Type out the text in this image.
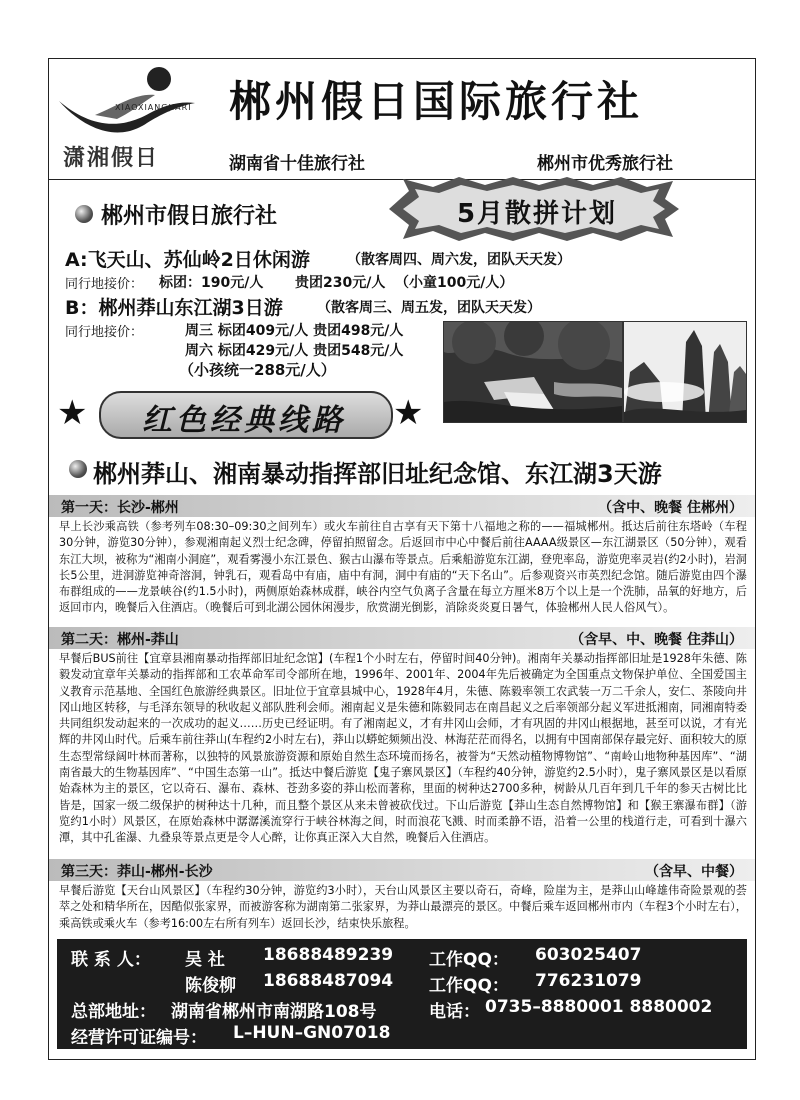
XIAOXIANGJIARI
潇湘假日
郴州假日国际旅行社
湖南省十佳旅行社	郴州市优秀旅行社
郴州市假日旅行社	5月散拼计划
A:飞天山、苏仙岭2日休闲游	（散客周四、周六发，团队天天发）
同行地接价： 标团：190元/人 贵团230元/人 （小童100元/人）
B：郴州莽山东江湖3日游 （散客周三、周五发，团队天天发）
同行地接价：	周三 标团409元/人 贵团498元/人
周六 标团429元/人 贵团548元/人
（小孩统一288元/人）
★	红色经典线路	★
郴州莽山、湘南暴动指挥部旧址纪念馆、东江湖3天游
第一天：长沙-郴州	（含中、晚餐 住郴州）
早上长沙乘高铁（参考列车08:30–09:30之间列车）或火车前往自古享有天下第十八福地之称的——福城郴州。抵达后前往东塔岭（车程30分钟，游览30分钟），参观湘南起义烈士纪念碑，停留拍照留念。后返回市中心中餐后前往AAAA级景区—东江湖景区（50分钟），观看东江大坝，被称为“湘南小洞庭”，观看雾漫小东江景色、猴古山瀑布等景点。后乘船游览东江湖，登兜率岛，游览兜率灵岩(约2小时)，岩洞长5公里，进洞游览神奇溶洞，钟乳石，观看岛中有庙，庙中有洞，洞中有庙的“天下名山”。后参观资兴市英烈纪念馆。随后游览由四个瀑布群组成的——龙景峡谷(约1.5小时)，两侧原始森林成群，峡谷内空气负离子含量在每立方厘米8万个以上是一个洗肺，品氧的好地方，后返回市内，晚餐后入住酒店。（晚餐后可到北湖公园休闲漫步，欣赏湖光倒影，消除炎炎夏日暑气，体验郴州人民人俗风气）。
第二天：郴州-莽山	（含早、中、晚餐 住莽山）
早餐后BUS前往【宜章县湘南暴动指挥部旧址纪念馆】(车程1个小时左右，停留时间40分钟)。湘南年关暴动指挥部旧址是1928年朱德、陈毅发动宜章年关暴动的指挥部和工农革命军司令部所在地，1996年、2001年、2004年先后被确定为全国重点文物保护单位、全国爱国主义教育示范基地、全国红色旅游经典景区。旧址位于宜章县城中心，1928年4月，朱德、陈毅率领工农武装一万二千余人，安仁、茶陵向井冈山地区转移，与毛泽东领导的秋收起义部队胜利会师。湘南起义是朱德和陈毅同志在南昌起义之后率领部分起义军进抵湘南，同湘南特委共同组织发动起来的一次成功的起义……历史已经证明。有了湘南起义，才有井冈山会师，才有巩固的井冈山根据地，甚至可以说，才有光辉的井冈山时代。后乘车前往莽山(车程约2小时左右)，莽山以蟒蛇频频出没、林海茫茫而得名，以拥有中国南部保存最完好、面积较大的原生态型常绿阔叶林而著称，以独特的风景旅游资源和原始自然生态环境而扬名，被誉为“天然动植物博物馆”、“南岭山地物种基因库”、“湖南省最大的生物基因库”、“中国生态第一山”。抵达中餐后游览【鬼子寨风景区】（车程约40分钟，游览约2.5小时），鬼子寨风景区是以看原始森林为主的景区，它以奇石、瀑布、森林、苍劲多姿的莽山松而著称，里面的树种达2700多种，树龄从几百年到几千年的参天古树比比皆是，国家一级二级保护的树种达十几种，而且整个景区从来未曾被砍伐过。下山后游览【莽山生态自然博物馆】和【猴王寨瀑布群】（游览约1小时）风景区，在原始森林中潺潺溪流穿行于峡谷林海之间，时而浪花飞溅、时而柔静不语，沿着一公里的栈道行走，可看到十瀑六潭，其中孔雀瀑、九叠泉等景点更是令人心醉，让你真正深入大自然，晚餐后入住酒店。
第三天：莽山-郴州-长沙	（含早、中餐）
早餐后游览【天台山风景区】（车程约30分钟，游览约3小时），天台山风景区主要以奇石，奇峰，险崖为主，是莽山山峰雄伟奇险景观的荟萃之处和精华所在，因酷似张家界，而被游客称为湖南第二张家界，为莽山最漂亮的景区。中餐后乘车返回郴州市内（车程3个小时左右），乘高铁或乘火车（参考16:00左右所有列车）返回长沙，结束快乐旅程。
联 系 人： 吴 社 18688489239 工作QQ： 603025407
陈俊柳 18688487094 工作QQ： 776231079
总部地址： 湖南省郴州市南湖路108号	电话： 0735–8880001 8880002
经营许可证编号： L–HUN–GN07018
